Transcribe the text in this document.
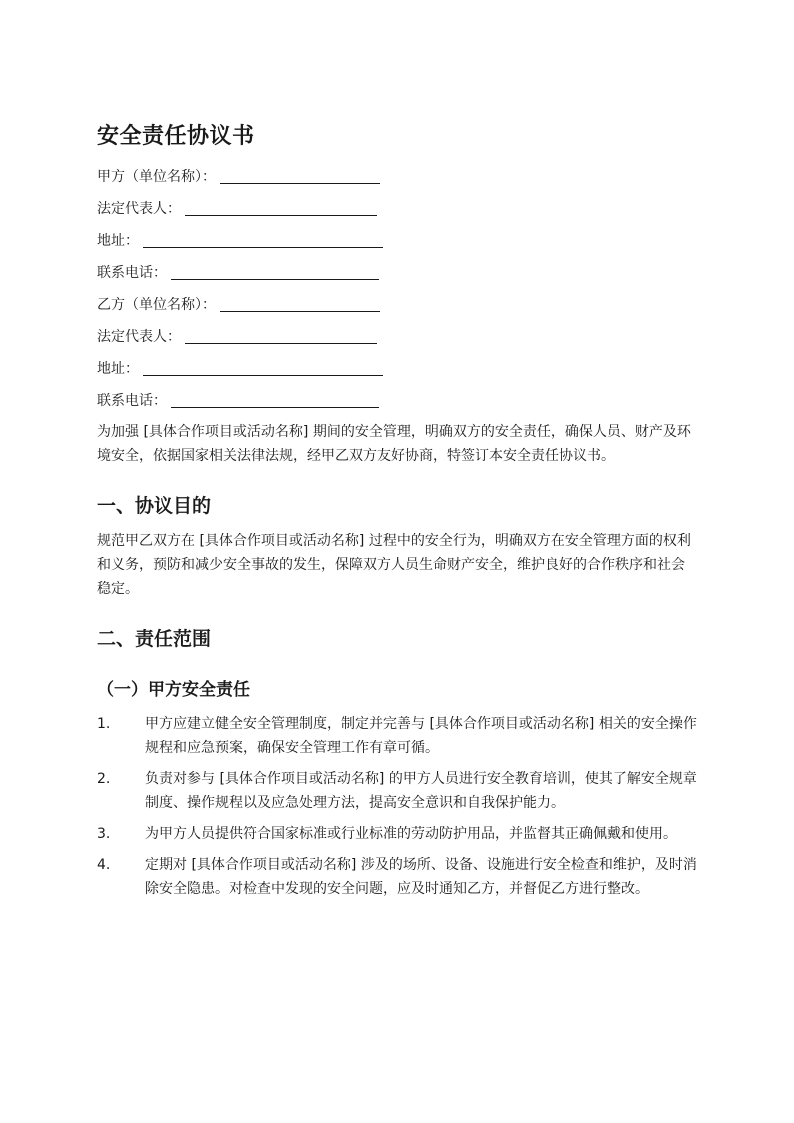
安全责任协议书
甲方（单位名称）：
法定代表人：
地址：
联系电话：
乙方（单位名称）：
法定代表人：
地址：
联系电话：

为加强 [具体合作项目或活动名称] 期间的安全管理，明确双方的安全责任，确保人员、财产及环境安全，依据国家相关法律法规，经甲乙双方友好协商，特签订本安全责任协议书。

一、协议目的

规范甲乙双方在 [具体合作项目或活动名称] 过程中的安全行为，明确双方在安全管理方面的权利和义务，预防和减少安全事故的发生，保障双方人员生命财产安全，维护良好的合作秩序和社会稳定。

二、责任范围
（一）甲方安全责任
1. 甲方应建立健全安全管理制度，制定并完善与 [具体合作项目或活动名称] 相关的安全操作规程和应急预案，确保安全管理工作有章可循。
2. 负责对参与 [具体合作项目或活动名称] 的甲方人员进行安全教育培训，使其了解安全规章制度、操作规程以及应急处理方法，提高安全意识和自我保护能力。
3. 为甲方人员提供符合国家标准或行业标准的劳动防护用品，并监督其正确佩戴和使用。
4. 定期对 [具体合作项目或活动名称] 涉及的场所、设备、设施进行安全检查和维护，及时消除安全隐患。对检查中发现的安全问题，应及时通知乙方，并督促乙方进行整改。
